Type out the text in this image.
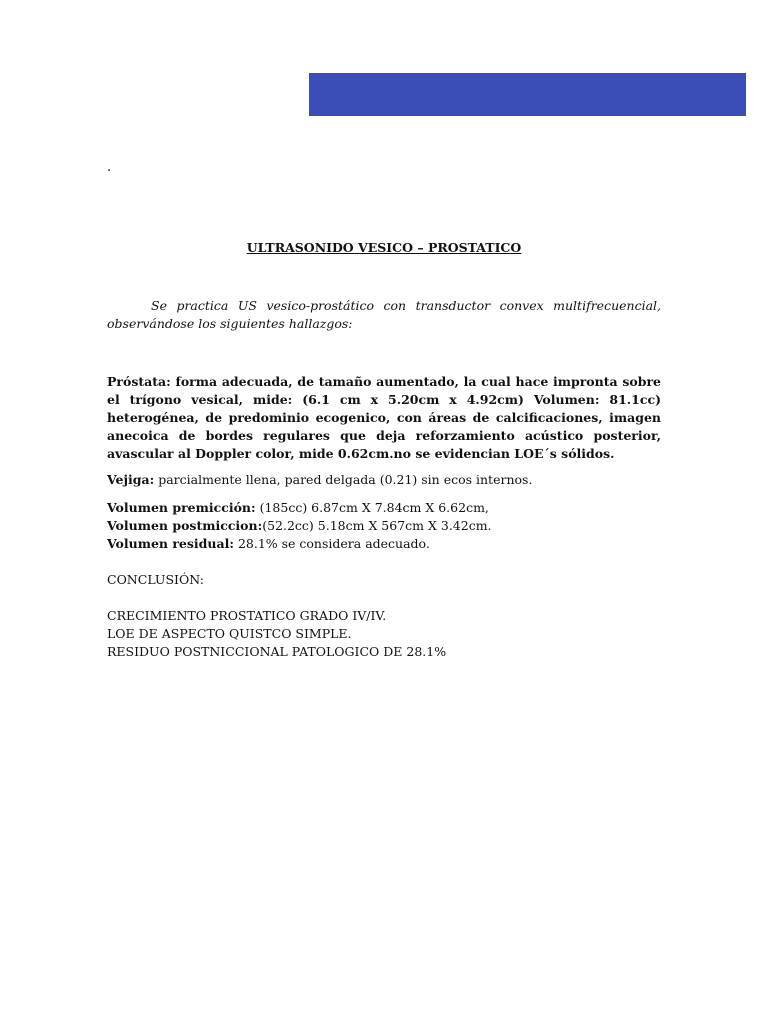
.
ULTRASONIDO VESICO – PROSTATICO
Se practica US vesico-prostático con transductor convex multifrecuencial, observándose los siguientes hallazgos:
Próstata: forma adecuada, de tamaño aumentado, la cual hace impronta sobre el trígono vesical, mide: (6.1 cm x 5.20cm x 4.92cm) Volumen: 81.1cc) heterogénea, de predominio ecogenico, con áreas de calcificaciones, imagen anecoica de bordes regulares que deja reforzamiento acústico posterior, avascular al Doppler color, mide 0.62cm.no se evidencian LOE´s sólidos.
Vejiga: parcialmente llena, pared delgada (0.21) sin ecos internos.
Volumen premicción: (185cc) 6.87cm X 7.84cm X 6.62cm,
Volumen postmiccion:(52.2cc) 5.18cm X 567cm X 3.42cm.
Volumen residual: 28.1% se considera adecuado.
CONCLUSIÓN:
CRECIMIENTO PROSTATICO GRADO IV/IV.
LOE DE ASPECTO QUISTCO SIMPLE.
RESIDUO POSTNICCIONAL PATOLOGICO DE 28.1%
